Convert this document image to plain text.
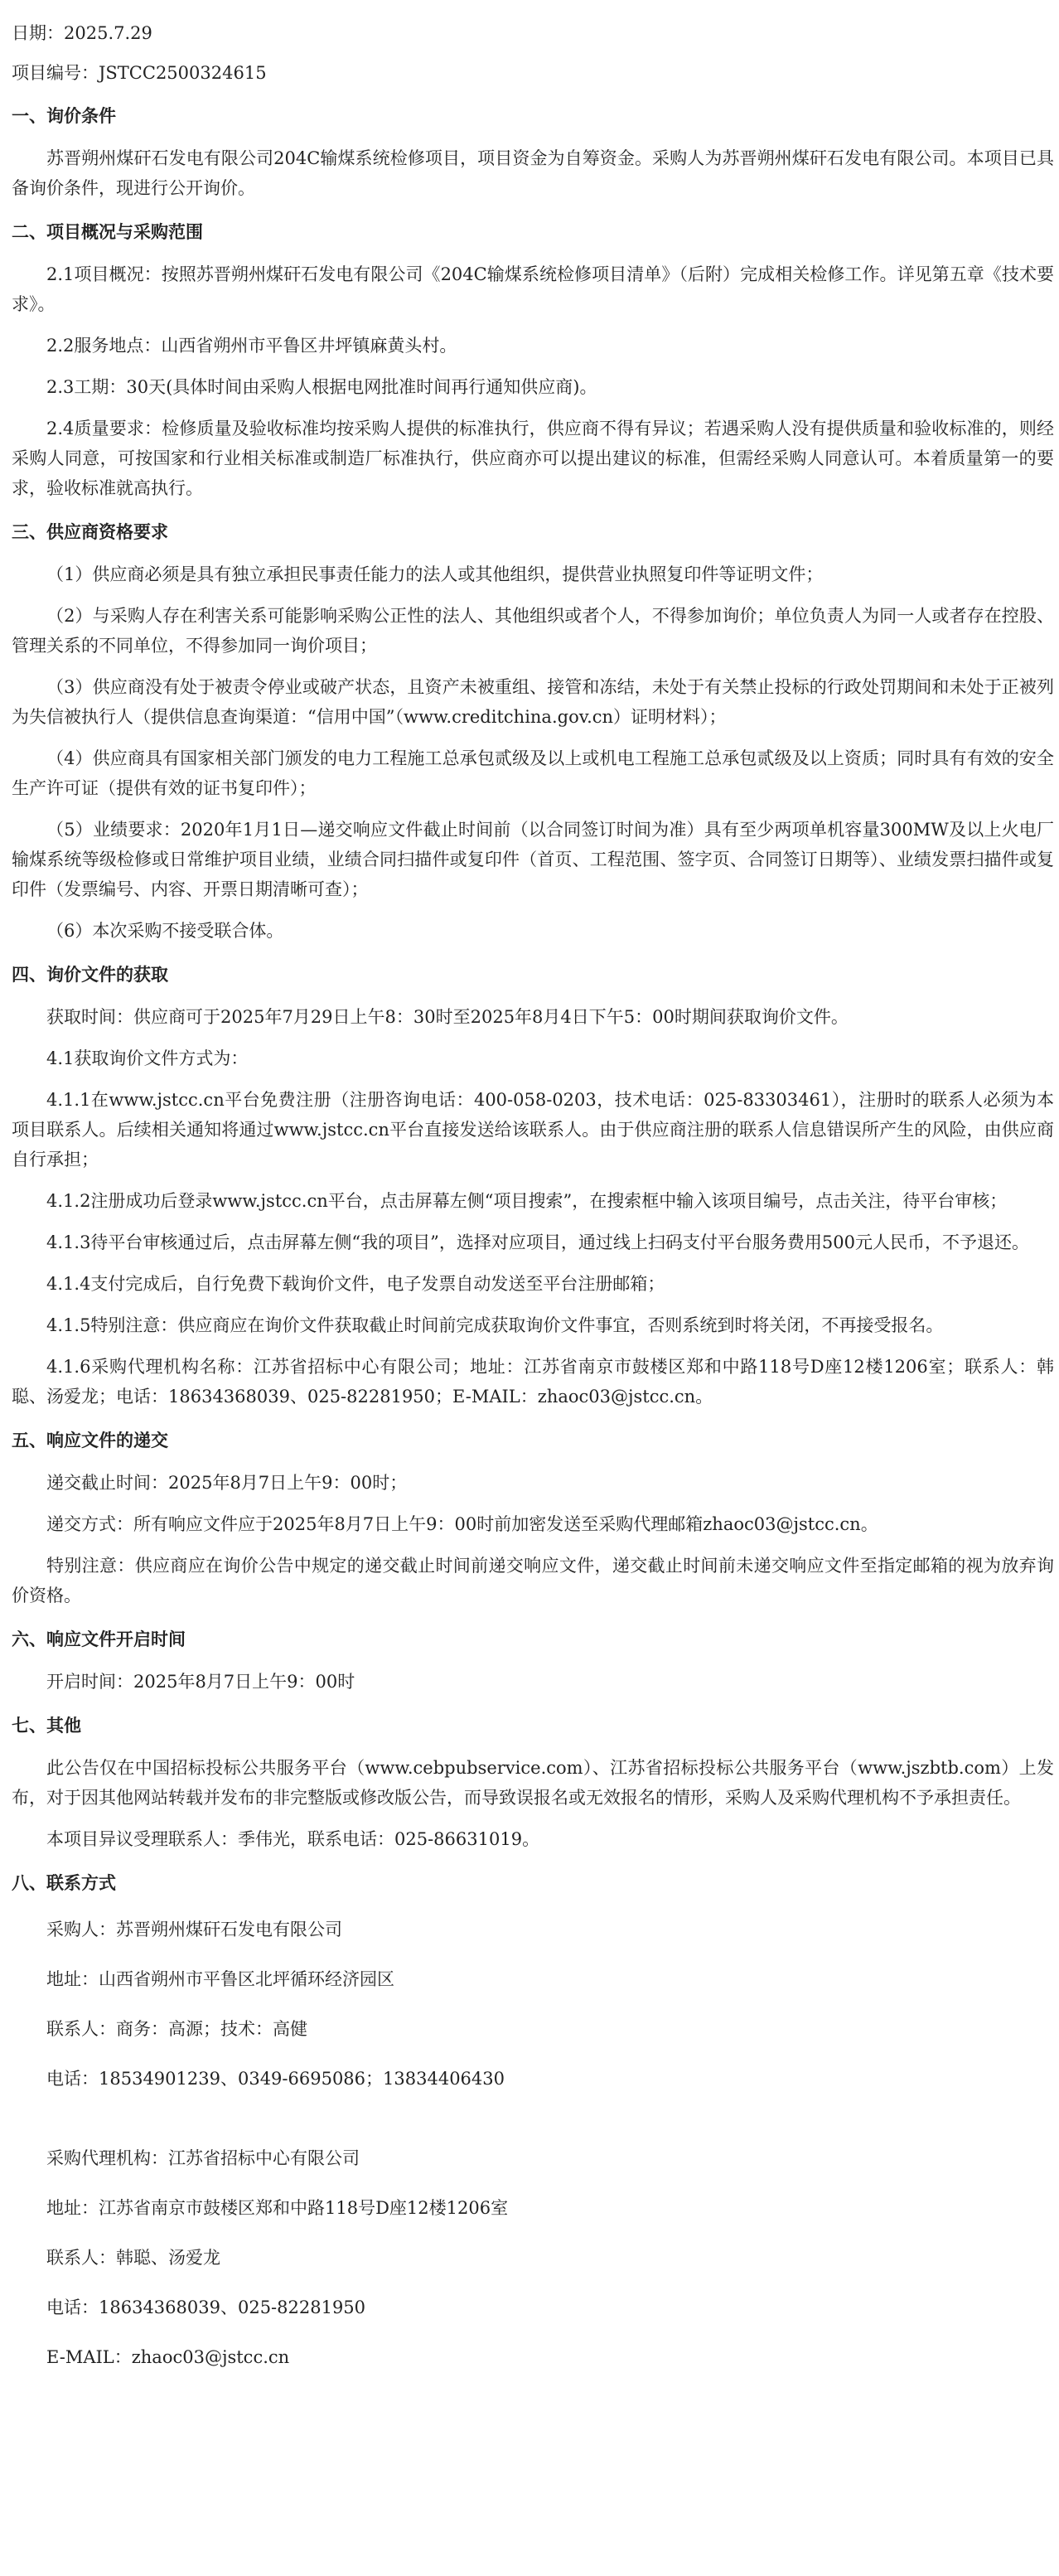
日期：2025.7.29

项目编号：JSTCC2500324615

一、询价条件

苏晋朔州煤矸石发电有限公司204C输煤系统检修项目，项目资金为自筹资金。采购人为苏晋朔州煤矸石发电有限公司。本项目已具备询价条件，现进行公开询价。

二、项目概况与采购范围

2.1项目概况：按照苏晋朔州煤矸石发电有限公司《204C输煤系统检修项目清单》（后附）完成相关检修工作。详见第五章《技术要求》。

2.2服务地点：山西省朔州市平鲁区井坪镇麻黄头村。

2.3工期：30天(具体时间由采购人根据电网批准时间再行通知供应商)。

2.4质量要求：检修质量及验收标准均按采购人提供的标准执行，供应商不得有异议；若遇采购人没有提供质量和验收标准的，则经采购人同意，可按国家和行业相关标准或制造厂标准执行，供应商亦可以提出建议的标准，但需经采购人同意认可。本着质量第一的要求，验收标准就高执行。

三、供应商资格要求

（1）供应商必须是具有独立承担民事责任能力的法人或其他组织，提供营业执照复印件等证明文件；

（2）与采购人存在利害关系可能影响采购公正性的法人、其他组织或者个人，不得参加询价；单位负责人为同一人或者存在控股、管理关系的不同单位，不得参加同一询价项目；

（3）供应商没有处于被责令停业或破产状态，且资产未被重组、接管和冻结，未处于有关禁止投标的行政处罚期间和未处于正被列为失信被执行人（提供信息查询渠道：“信用中国”（www.creditchina.gov.cn）证明材料）；

（4）供应商具有国家相关部门颁发的电力工程施工总承包贰级及以上或机电工程施工总承包贰级及以上资质；同时具有有效的安全生产许可证（提供有效的证书复印件）；

（5）业绩要求：2020年1月1日—递交响应文件截止时间前（以合同签订时间为准）具有至少两项单机容量300MW及以上火电厂输煤系统等级检修或日常维护项目业绩，业绩合同扫描件或复印件（首页、工程范围、签字页、合同签订日期等）、业绩发票扫描件或复印件（发票编号、内容、开票日期清晰可查）；

（6）本次采购不接受联合体。

四、询价文件的获取

获取时间：供应商可于2025年7月29日上午8：30时至2025年8月4日下午5：00时期间获取询价文件。

4.1获取询价文件方式为：

4.1.1在www.jstcc.cn平台免费注册（注册咨询电话：400-058-0203，技术电话：025-83303461），注册时的联系人必须为本项目联系人。后续相关通知将通过www.jstcc.cn平台直接发送给该联系人。由于供应商注册的联系人信息错误所产生的风险，由供应商自行承担；

4.1.2注册成功后登录www.jstcc.cn平台，点击屏幕左侧“项目搜索”，在搜索框中输入该项目编号，点击关注，待平台审核；

4.1.3待平台审核通过后，点击屏幕左侧“我的项目”，选择对应项目，通过线上扫码支付平台服务费用500元人民币，不予退还。

4.1.4支付完成后，自行免费下载询价文件，电子发票自动发送至平台注册邮箱；

4.1.5特别注意：供应商应在询价文件获取截止时间前完成获取询价文件事宜，否则系统到时将关闭，不再接受报名。

4.1.6采购代理机构名称：江苏省招标中心有限公司；地址：江苏省南京市鼓楼区郑和中路118号D座12楼1206室；联系人：韩聪、汤爱龙；电话：18634368039、025-82281950；E-MAIL：zhaoc03@jstcc.cn。

五、响应文件的递交

递交截止时间：2025年8月7日上午9：00时；

递交方式：所有响应文件应于2025年8月7日上午9：00时前加密发送至采购代理邮箱zhaoc03@jstcc.cn。

特别注意：供应商应在询价公告中规定的递交截止时间前递交响应文件，递交截止时间前未递交响应文件至指定邮箱的视为放弃询价资格。

六、响应文件开启时间

开启时间：2025年8月7日上午9：00时

七、其他

此公告仅在中国招标投标公共服务平台（www.cebpubservice.com）、江苏省招标投标公共服务平台（www.jszbtb.com）上发布，对于因其他网站转载并发布的非完整版或修改版公告，而导致误报名或无效报名的情形，采购人及采购代理机构不予承担责任。

本项目异议受理联系人：季伟光，联系电话：025-86631019。

八、联系方式

采购人：苏晋朔州煤矸石发电有限公司

地址：山西省朔州市平鲁区北坪循环经济园区

联系人：商务：高源；技术：高健

电话：18534901239、0349-6695086；13834406430

采购代理机构：江苏省招标中心有限公司

地址：江苏省南京市鼓楼区郑和中路118号D座12楼1206室

联系人：韩聪、汤爱龙

电话：18634368039、025-82281950

E-MAIL：zhaoc03@jstcc.cn
